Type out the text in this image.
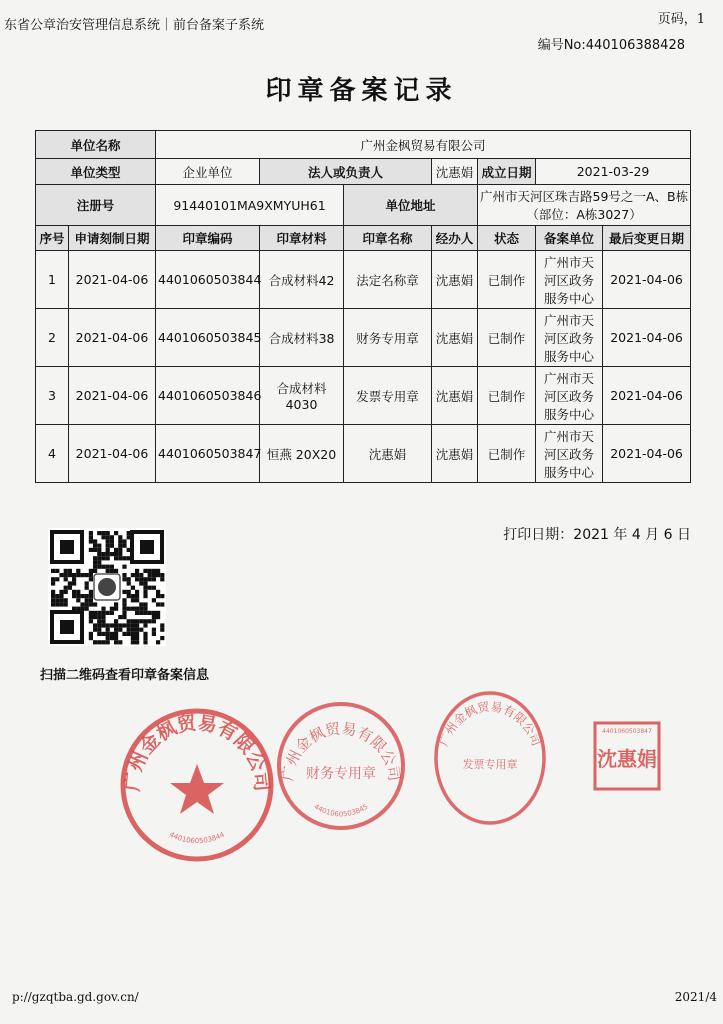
东省公章治安管理信息系统｜前台备案子系统	页码，1
编号No:440106388428
印章备案记录
单位名称		广州金枫贸易有限公司						
单位类型		企业单位	法人或负责人		沈惠娟	成立日期	2021-03-29	
注册号		91440101MA9XMYUH61		单位地址		广州市天河区珠吉路59号之一A、B栋（部位：A栋3027）		
序号	申请刻制日期	印章编码	印章材料	印章名称	经办人	状态	备案单位	最后变更日期
1	2021-04-06	4401060503844	合成材料42	法定名称章	沈惠娟	已制作	广州市天河区政务服务中心	2021-04-06
2	2021-04-06	4401060503845	合成材料38	财务专用章	沈惠娟	已制作	广州市天河区政务服务中心	2021-04-06
3	2021-04-06	4401060503846	合成材料4030	发票专用章	沈惠娟	已制作	广州市天河区政务服务中心	2021-04-06
4	2021-04-06	4401060503847	恒燕 20X20	沈惠娟	沈惠娟	已制作	广州市天河区政务服务中心	2021-04-06
打印日期：2021 年 4 月 6 日
扫描二维码查看印章备案信息
广州金枫贸易有限公司
4401060503844
广州金枫贸易有限公司
财务专用章
4401060503845
广州金枫贸易有限公司
发票专用章	沈惠娟
4401060503847
p://gzqtba.gd.gov.cn/	2021/4
